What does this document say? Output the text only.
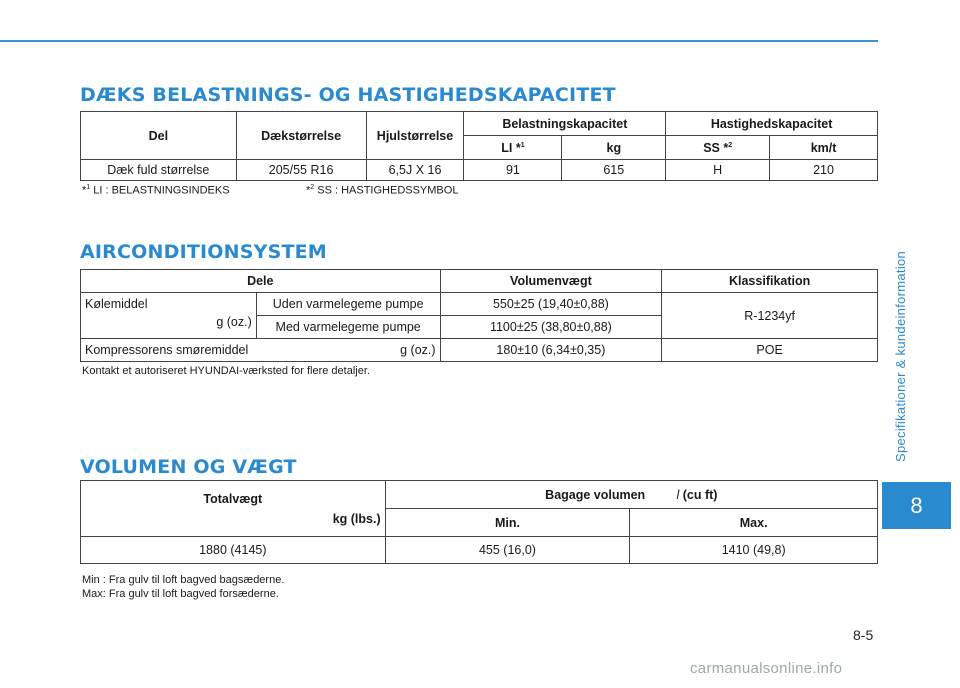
Specifikationer & kundeinformation
8
DÆKS BELASTNINGS- OG HASTIGHEDSKAPACITET
Del	Dækstørrelse	Hjulstørrelse	Belastningskapacitet		Hastighedskapacitet	
			LI *$^1$	kg	SS *$^2$	km/t
Dæk fuld størrelse	205/55 R16	6,5J X 16	91	615	H	210
*$^1$ LI : BELASTNINGSINDEKS	*$^2$ SS : HASTIGHEDSSYMBOL
AIRCONDITIONSYSTEM
Dele		Volumenvægt	Klassifikation

Kølemiddel
g (oz.)	Uden varmelegeme pumpe	550±25 (19,40±0,88)	R-1234yf
	Med varmelegeme pumpe	1100±25 (38,80±0,88)	
Kompressorens smøremiddel g (oz.)		180±10 (6,34±0,35)	POE
Kontakt et autoriseret HYUNDAI-værksted for flere detaljer.
VOLUMEN OG VÆGT
Totalvægt
kg (lbs.)	Bagage volumen l (cu ft)	
	Min.	Max.
1880 (4145)	455 (16,0)	1410 (49,8)
Min : Fra gulv til loft bagved bagsæderne.
Max: Fra gulv til loft bagved forsæderne.
8-5
carmanualsonline.info
